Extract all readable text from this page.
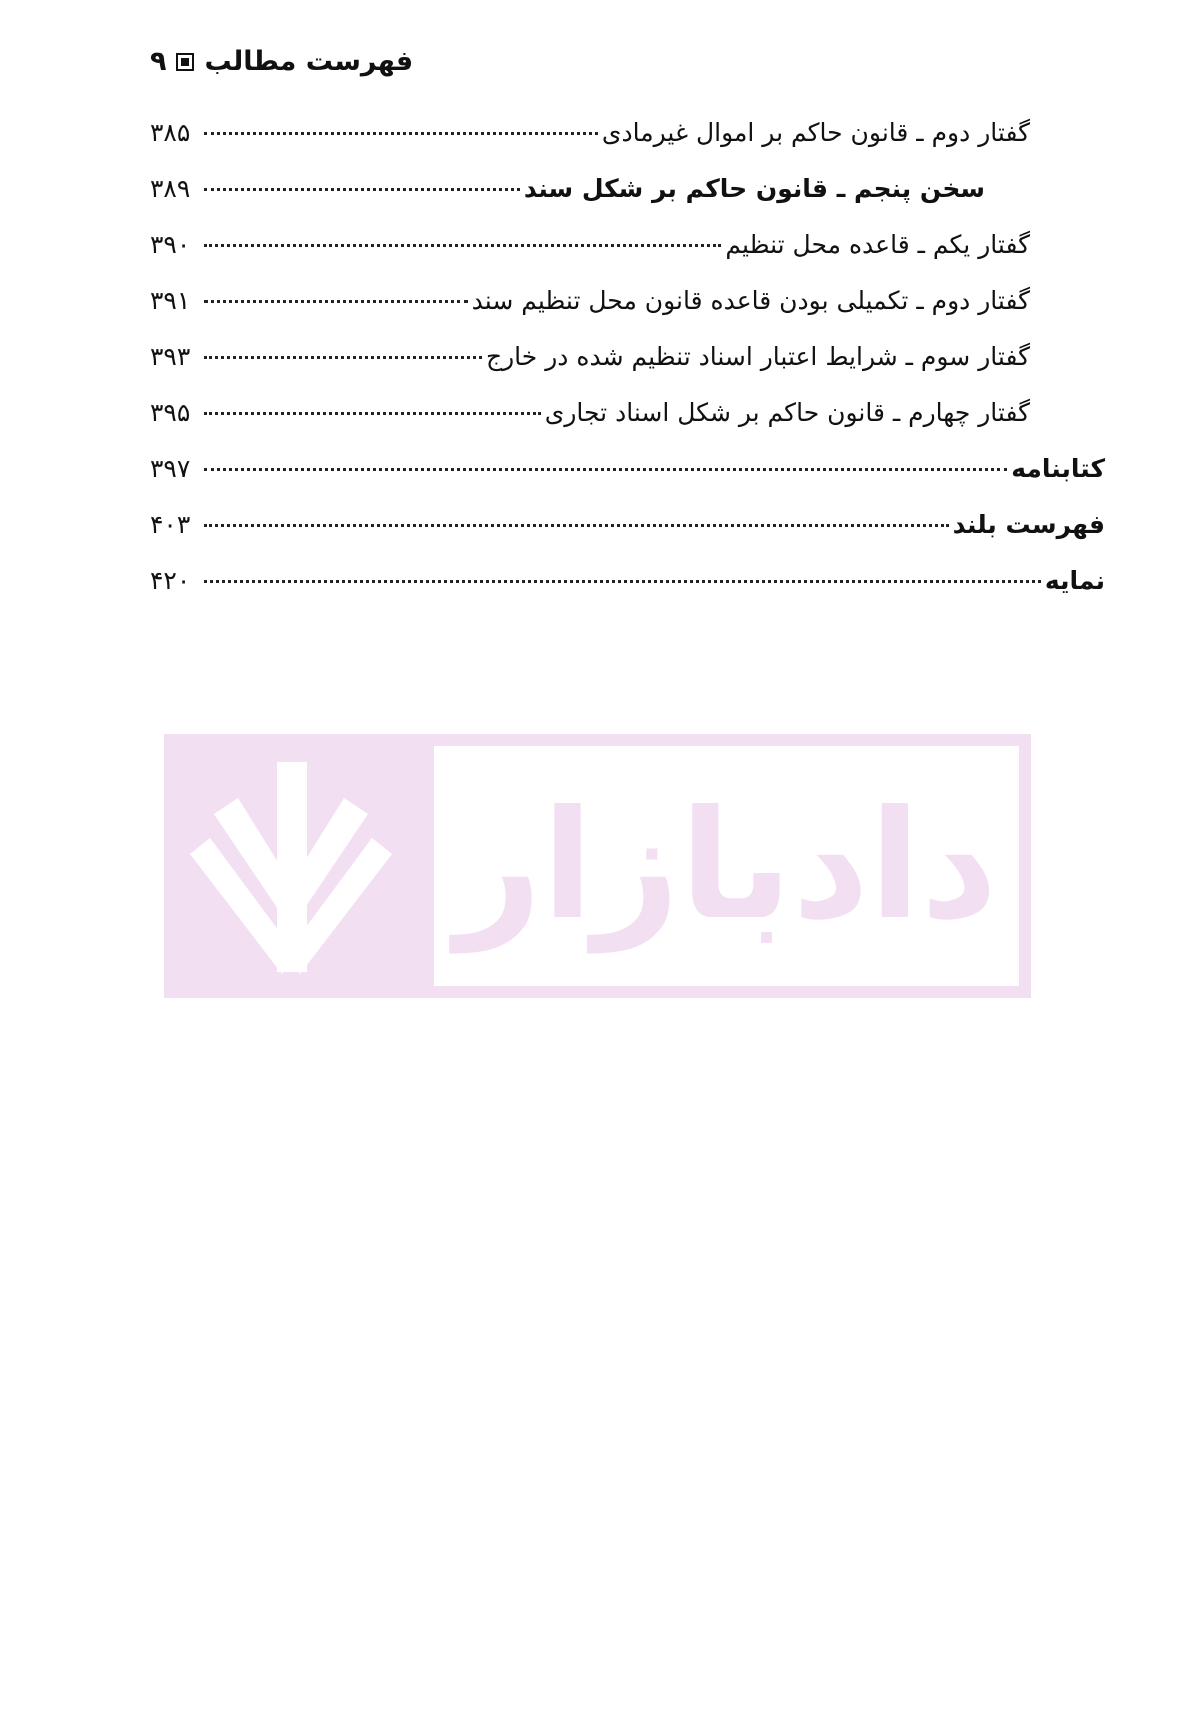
فهرست مطالب
۹
گفتار دوم ـ قانون حاکم بر اموال غیرمادی
۳۸۵
سخن پنجم ـ قانون حاکم بر شکل سند
۳۸۹
گفتار یکم ـ قاعده محل تنظیم
۳۹۰
گفتار دوم ـ تکمیلی بودن قاعده قانون محل تنظیم سند
۳۹۱
گفتار سوم ـ شرایط اعتبار اسناد تنظیم شده در خارج
۳۹۳
گفتار چهارم ـ قانون حاکم بر شکل اسناد تجاری
۳۹۵
کتابنامه
۳۹۷
فهرست بلند
۴۰۳
نمایه
۴۲۰
دادبازار
